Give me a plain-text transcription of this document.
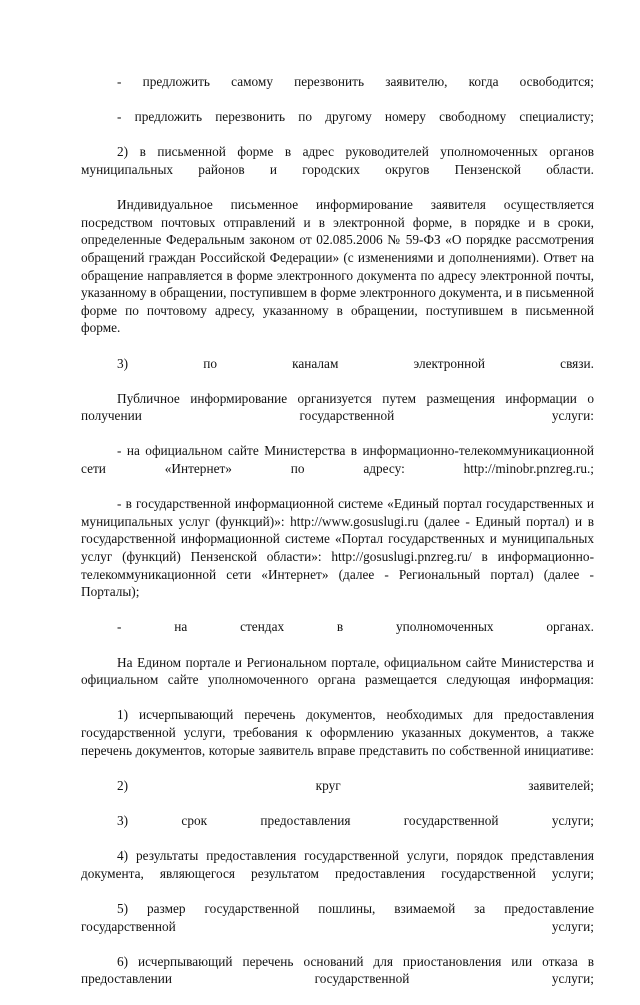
- предложить самому перезвонить заявителю, когда освободится;

- предложить перезвонить по другому номеру свободному специалисту;

2) в письменной форме в адрес руководителей уполномоченных органов муниципальных районов и городских округов Пензенской области.

Индивидуальное письменное информирование заявителя осуществляется посредством почтовых отправлений и в электронной форме, в порядке и в сроки, определенные Федеральным законом от 02.085.2006 № 59-ФЗ «О порядке рассмотрения обращений граждан Российской Федерации» (с изменениями и дополнениями). Ответ на обращение направляется в форме электронного документа по адресу электронной почты, указанному в обращении, поступившем в форме электронного документа, и в письменной форме по почтовому адресу, указанному в обращении, поступившем в письменной форме.

3) по каналам электронной связи.

Публичное информирование организуется путем размещения информации о получении государственной услуги:

- на официальном сайте Министерства в информационно-телекоммуникационной сети «Интернет» по адресу: http://minobr.pnzreg.ru.;

- в государственной информационной системе «Единый портал государственных и муниципальных услуг (функций)»: http://www.gosuslugi.ru (далее - Единый портал) и в государственной информационной системе «Портал государственных и муниципальных услуг (функций) Пензенской области»: http://gosuslugi.pnzreg.ru/ в информационно-телекоммуникационной сети «Интернет» (далее - Региональный портал) (далее - Порталы);

- на стендах в уполномоченных органах.

На Едином портале и Региональном портале, официальном сайте Министерства и официальном сайте уполномоченного органа размещается следующая информация:

1) исчерпывающий перечень документов, необходимых для предоставления государственной услуги, требования к оформлению указанных документов, а также перечень документов, которые заявитель вправе представить по собственной инициативе:

2) круг заявителей;

3) срок предоставления государственной услуги;

4) результаты предоставления государственной услуги, порядок представления документа, являющегося результатом предоставления государственной услуги;

5) размер государственной пошлины, взимаемой за предоставление государственной услуги;

6) исчерпывающий перечень оснований для приостановления или отказа в предоставлении государственной услуги;
